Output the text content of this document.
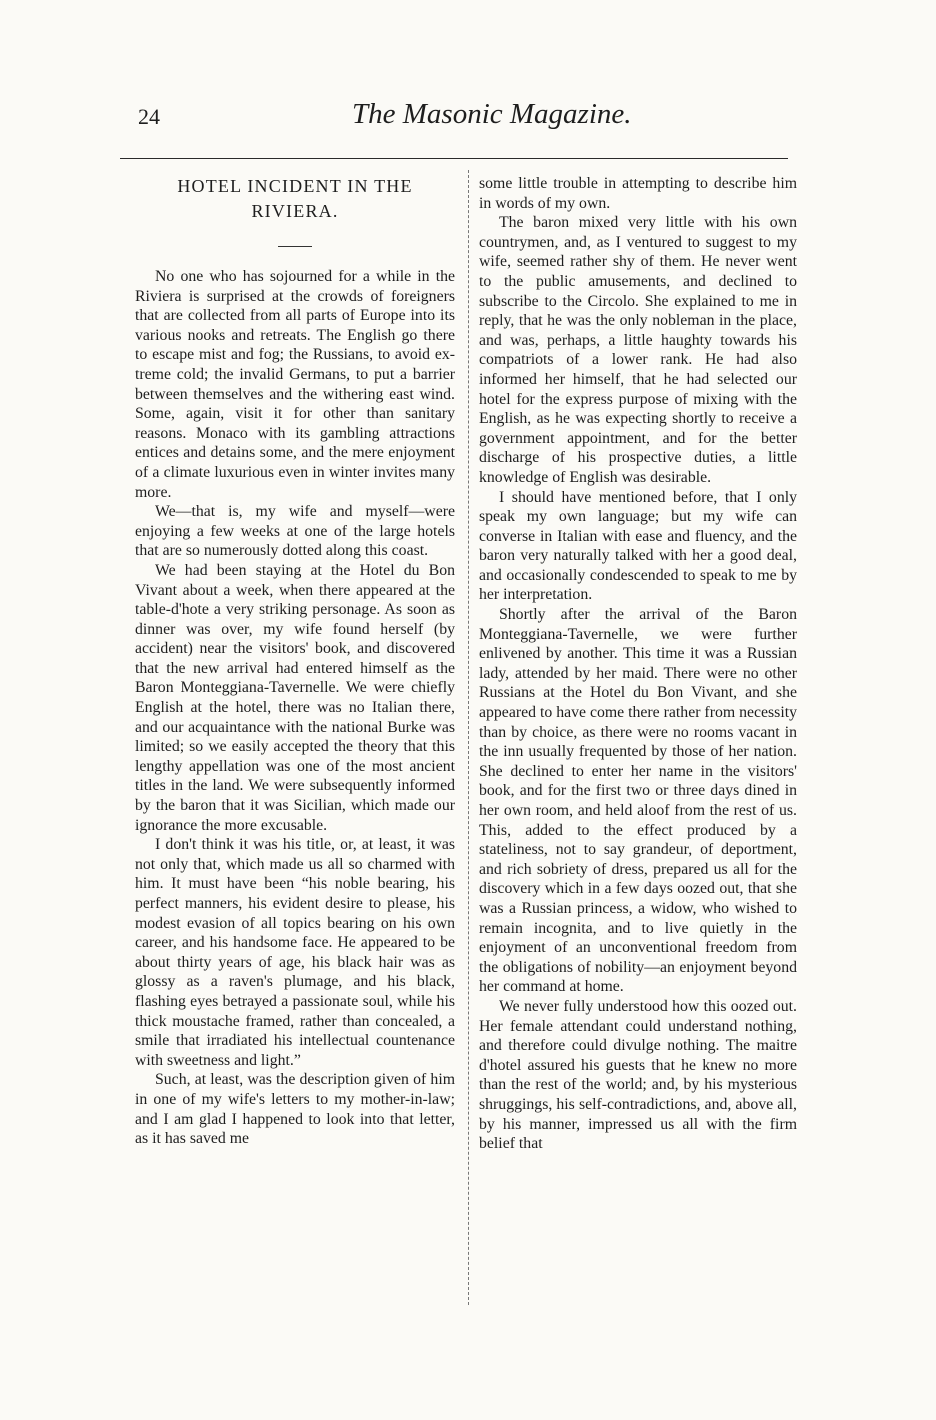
24	The Masonic Magazine.
HOTEL INCIDENT IN THE RIVIERA.

No one who has sojourned for a while in the Riviera is surprised at the crowds of foreigners that are collected from all parts of Europe into its various nooks and retreats. The English go there to escape mist and fog; the Russians, to avoid extreme cold; the invalid Germans, to put a barrier between themselves and the withering east wind. Some, again, visit it for other than sanitary reasons. Monaco with its gambling attractions entices and detains some, and the mere enjoyment of a climate luxurious even in winter invites many more.

We—that is, my wife and myself—were enjoying a few weeks at one of the large hotels that are so numerously dotted along this coast.

We had been staying at the Hotel du Bon Vivant about a week, when there appeared at the table-d'hote a very striking personage. As soon as dinner was over, my wife found herself (by accident) near the visitors' book, and discovered that the new arrival had entered himself as the Baron Monteggiana-Tavernelle. We were chiefly English at the hotel, there was no Italian there, and our acquaintance with the national Burke was limited; so we easily accepted the theory that this lengthy appellation was one of the most ancient titles in the land. We were subsequently informed by the baron that it was Sicilian, which made our ignorance the more excusable.

I don't think it was his title, or, at least, it was not only that, which made us all so charmed with him. It must have been “his noble bearing, his perfect manners, his evident desire to please, his modest evasion of all topics bearing on his own career, and his handsome face. He appeared to be about thirty years of age, his black hair was as glossy as a raven's plumage, and his black, flashing eyes betrayed a passionate soul, while his thick moustache framed, rather than concealed, a smile that irradiated his intellectual countenance with sweetness and light.”

Such, at least, was the description given of him in one of my wife's letters to my mother-in-law; and I am glad I happened to look into that letter, as it has saved me

some little trouble in attempting to describe him in words of my own.

The baron mixed very little with his own countrymen, and, as I ventured to suggest to my wife, seemed rather shy of them. He never went to the public amusements, and declined to subscribe to the Circolo. She explained to me in reply, that he was the only nobleman in the place, and was, perhaps, a little haughty towards his compatriots of a lower rank. He had also informed her himself, that he had selected our hotel for the express purpose of mixing with the English, as he was expecting shortly to receive a government appointment, and for the better discharge of his prospective duties, a little knowledge of English was desirable.

I should have mentioned before, that I only speak my own language; but my wife can converse in Italian with ease and fluency, and the baron very naturally talked with her a good deal, and occasionally condescended to speak to me by her interpretation.

Shortly after the arrival of the Baron Monteggiana-Tavernelle, we were further enlivened by another. This time it was a Russian lady, attended by her maid. There were no other Russians at the Hotel du Bon Vivant, and she appeared to have come there rather from necessity than by choice, as there were no rooms vacant in the inn usually frequented by those of her nation. She declined to enter her name in the visitors' book, and for the first two or three days dined in her own room, and held aloof from the rest of us. This, added to the effect produced by a stateliness, not to say grandeur, of deportment, and rich sobriety of dress, prepared us all for the discovery which in a few days oozed out, that she was a Russian princess, a widow, who wished to remain incognita, and to live quietly in the enjoyment of an unconventional freedom from the obligations of nobility—an enjoyment beyond her command at home.

We never fully understood how this oozed out. Her female attendant could understand nothing, and therefore could divulge nothing. The maitre d'hotel assured his guests that he knew no more than the rest of the world; and, by his mysterious shruggings, his self-contradictions, and, above all, by his manner, impressed us all with the firm belief that
